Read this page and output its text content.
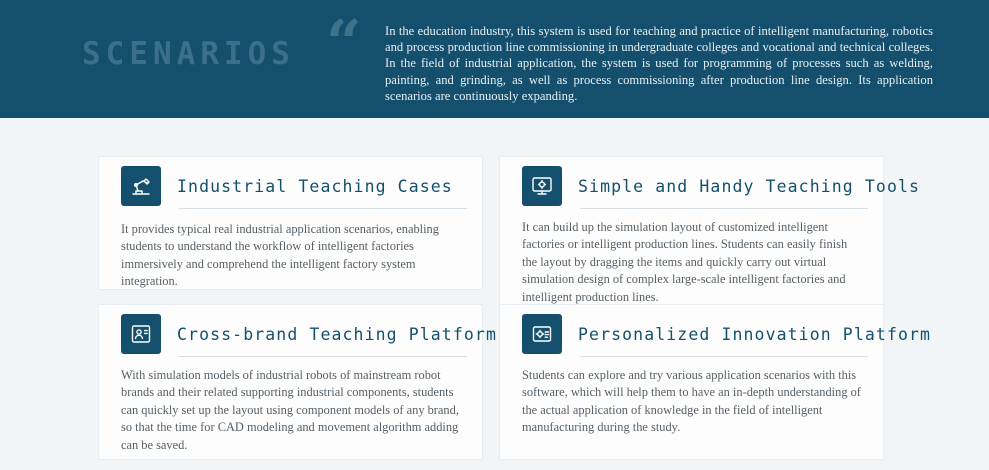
SCENARIOS “ In the education industry, this system is used for teaching and practice of intelligent manufacturing, robotics and process production line commissioning in undergraduate colleges and vocational and technical colleges. In the field of industrial application, the system is used for programming of processes such as welding, painting, and grinding, as well as process commissioning after production line design. Its application scenarios are continuously expanding.
Industrial Teaching Cases
It provides typical real industrial application scenarios, enabling students to understand the workflow of intelligent factories immersively and comprehend the intelligent factory system integration.
Simple and Handy Teaching Tools
It can build up the simulation layout of customized intelligent factories or intelligent production lines. Students can easily finish the layout by dragging the items and quickly carry out virtual simulation design of complex large-scale intelligent factories and intelligent production lines.
Cross-brand Teaching Platform
With simulation models of industrial robots of mainstream robot brands and their related supporting industrial components, students can quickly set up the layout using component models of any brand, so that the time for CAD modeling and movement algorithm adding can be saved.
Personalized Innovation Platform
Students can explore and try various application scenarios with this software, which will help them to have an in-depth understanding of the actual application of knowledge in the field of intelligent manufacturing during the study.
